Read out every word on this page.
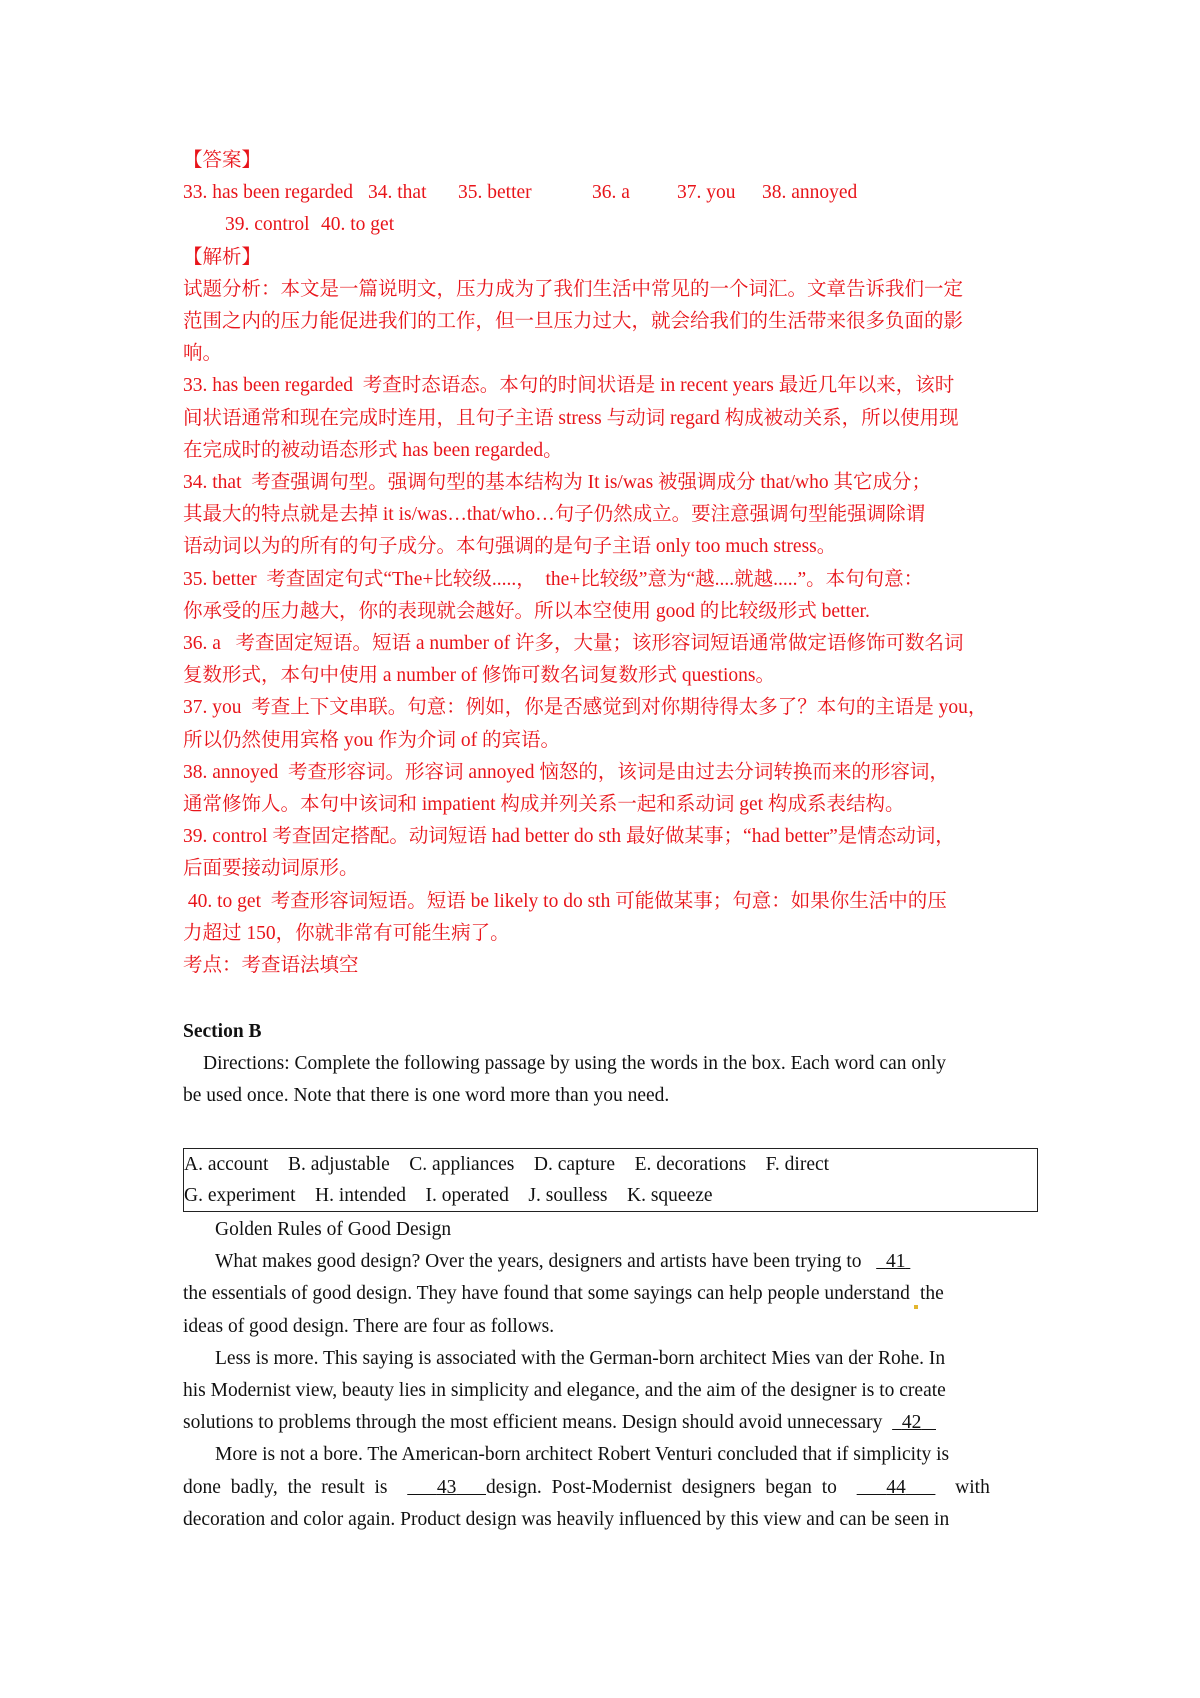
【答案】
33. has been regarded 34. that 35. better	36. a 37. you 38. annoyed
39. control 40. to get
【解析】
试题分析：本文是一篇说明文，压力成为了我们生活中常见的一个词汇。文章告诉我们一定
范围之内的压力能促进我们的工作，但一旦压力过大，就会给我们的生活带来很多负面的影
响。
33. has been regarded  考查时态语态。本句的时间状语是 in recent years 最近几年以来，该时
间状语通常和现在完成时连用，且句子主语 stress 与动词 regard 构成被动关系，所以使用现
在完成时的被动语态形式 has been regarded。
34. that  考查强调句型。强调句型的基本结构为 It is/was 被强调成分 that/who 其它成分；
其最大的特点就是去掉 it is/was…that/who…句子仍然成立。要注意强调句型能强调除谓
语动词以为的所有的句子成分。本句强调的是句子主语 only too much stress。
35. better  考查固定句式“The+比较级.....，  the+比较级”意为“越....就越.....”。本句句意：
你承受的压力越大，你的表现就会越好。所以本空使用 good 的比较级形式 better.
36. a   考查固定短语。短语 a number of 许多，大量；该形容词短语通常做定语修饰可数名词
复数形式，本句中使用 a number of 修饰可数名词复数形式 questions。
37. you  考查上下文串联。句意：例如，你是否感觉到对你期待得太多了？本句的主语是 you，
所以仍然使用宾格 you 作为介词 of 的宾语。
38. annoyed  考查形容词。形容词 annoyed 恼怒的，该词是由过去分词转换而来的形容词，
通常修饰人。本句中该词和 impatient 构成并列关系一起和系动词 get 构成系表结构。
39. control 考查固定搭配。动词短语 had better do sth 最好做某事；“had better”是情态动词，
后面要接动词原形。
40. to get  考查形容词短语。短语 be likely to do sth 可能做某事；句意：如果你生活中的压
力超过 150，你就非常有可能生病了。
考点：考查语法填空
Section B
Directions: Complete the following passage by using the words in the box. Each word can only
be used once. Note that there is one word more than you need.
A. account B. adjustable C. appliances D. capture E. decorations F. direct
G. experiment H. intended I. operated J. soulless K. squeeze
Golden Rules of Good Design
What makes good design? Over the years, designers and artists have been trying to 41
the essentials of good design. They have found that some sayings can help people understand the
ideas of good design. There are four as follows.
Less is more. This saying is associated with the German-born architect Mies van der Rohe. In
his Modernist view, beauty lies in simplicity and elegance, and the aim of the designer is to create
solutions to problems through the most efficient means. Design should avoid unnecessary 42
More is not a bore. The American-born architect Robert Venturi concluded that if simplicity is
done badly, the result is	43 design. Post-Modernist designers began to	44	with
decoration and color again. Product design was heavily influenced by this view and can be seen in
